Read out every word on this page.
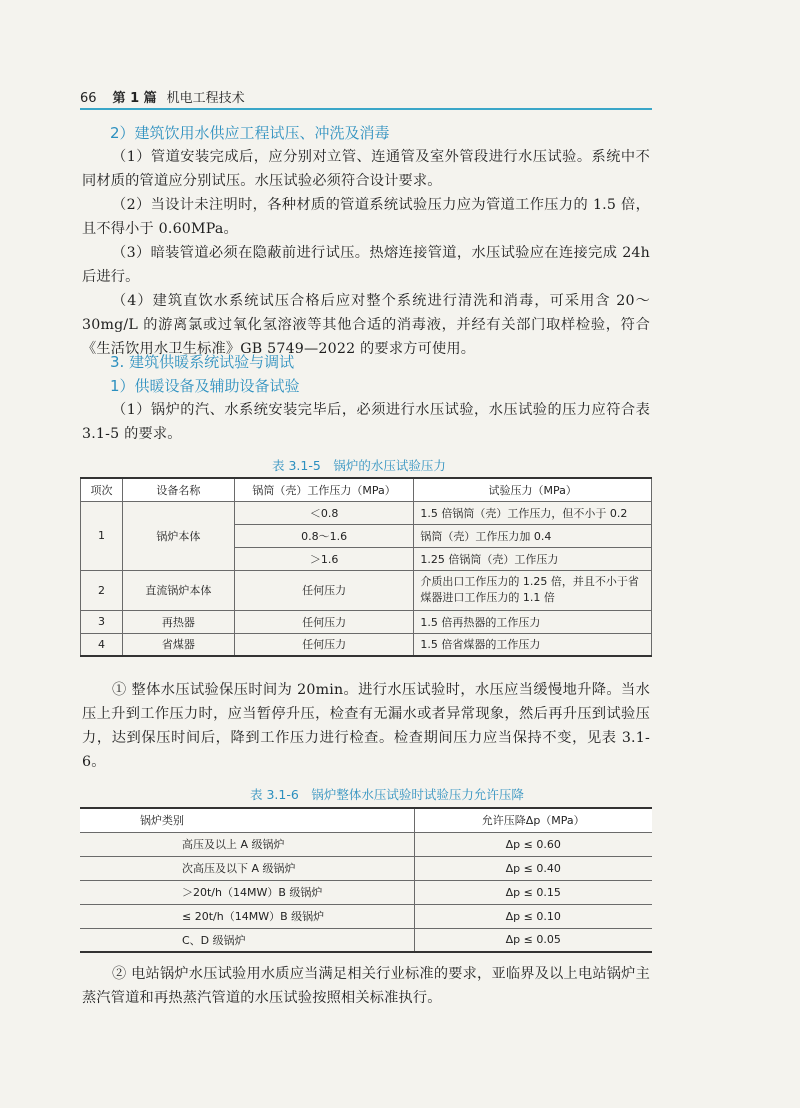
66 第 1 篇 机电工程技术
2）建筑饮用水供应工程试压、冲洗及消毒
（1）管道安装完成后，应分别对立管、连通管及室外管段进行水压试验。系统中不同材质的管道应分别试压。水压试验必须符合设计要求。
（2）当设计未注明时，各种材质的管道系统试验压力应为管道工作压力的 1.5 倍，且不得小于 0.60MPa。
（3）暗装管道必须在隐蔽前进行试压。热熔连接管道，水压试验应在连接完成 24h 后进行。
（4）建筑直饮水系统试压合格后应对整个系统进行清洗和消毒，可采用含 20～30mg/L 的游离氯或过氧化氢溶液等其他合适的消毒液，并经有关部门取样检验，符合《生活饮用水卫生标准》GB 5749—2022 的要求方可使用。
3. 建筑供暖系统试验与调试
1）供暖设备及辅助设备试验
（1）锅炉的汽、水系统安装完毕后，必须进行水压试验，水压试验的压力应符合表 3.1-5 的要求。
表 3.1-5　锅炉的水压试验压力
项次	设备名称	锅筒（壳）工作压力（MPa）	试验压力（MPa）
1	锅炉本体	＜0.8	1.5 倍锅筒（壳）工作压力，但不小于 0.2
		0.8～1.6	锅筒（壳）工作压力加 0.4
		＞1.6	1.25 倍锅筒（壳）工作压力
2	直流锅炉本体	任何压力	介质出口工作压力的 1.25 倍，并且不小于省煤器进口工作压力的 1.1 倍
3	再热器	任何压力	1.5 倍再热器的工作压力
4	省煤器	任何压力	1.5 倍省煤器的工作压力
① 整体水压试验保压时间为 20min。进行水压试验时，水压应当缓慢地升降。当水压上升到工作压力时，应当暂停升压，检查有无漏水或者异常现象，然后再升压到试验压力，达到保压时间后，降到工作压力进行检查。检查期间压力应当保持不变，见表 3.1-6。
表 3.1-6　锅炉整体水压试验时试验压力允许压降
锅炉类别	允许压降Δp（MPa）
高压及以上 A 级锅炉	Δp ≤ 0.60
次高压及以下 A 级锅炉	Δp ≤ 0.40
＞20t/h（14MW）B 级锅炉	Δp ≤ 0.15
≤ 20t/h（14MW）B 级锅炉	Δp ≤ 0.10
C、D 级锅炉	Δp ≤ 0.05
② 电站锅炉水压试验用水质应当满足相关行业标准的要求，亚临界及以上电站锅炉主蒸汽管道和再热蒸汽管道的水压试验按照相关标准执行。
